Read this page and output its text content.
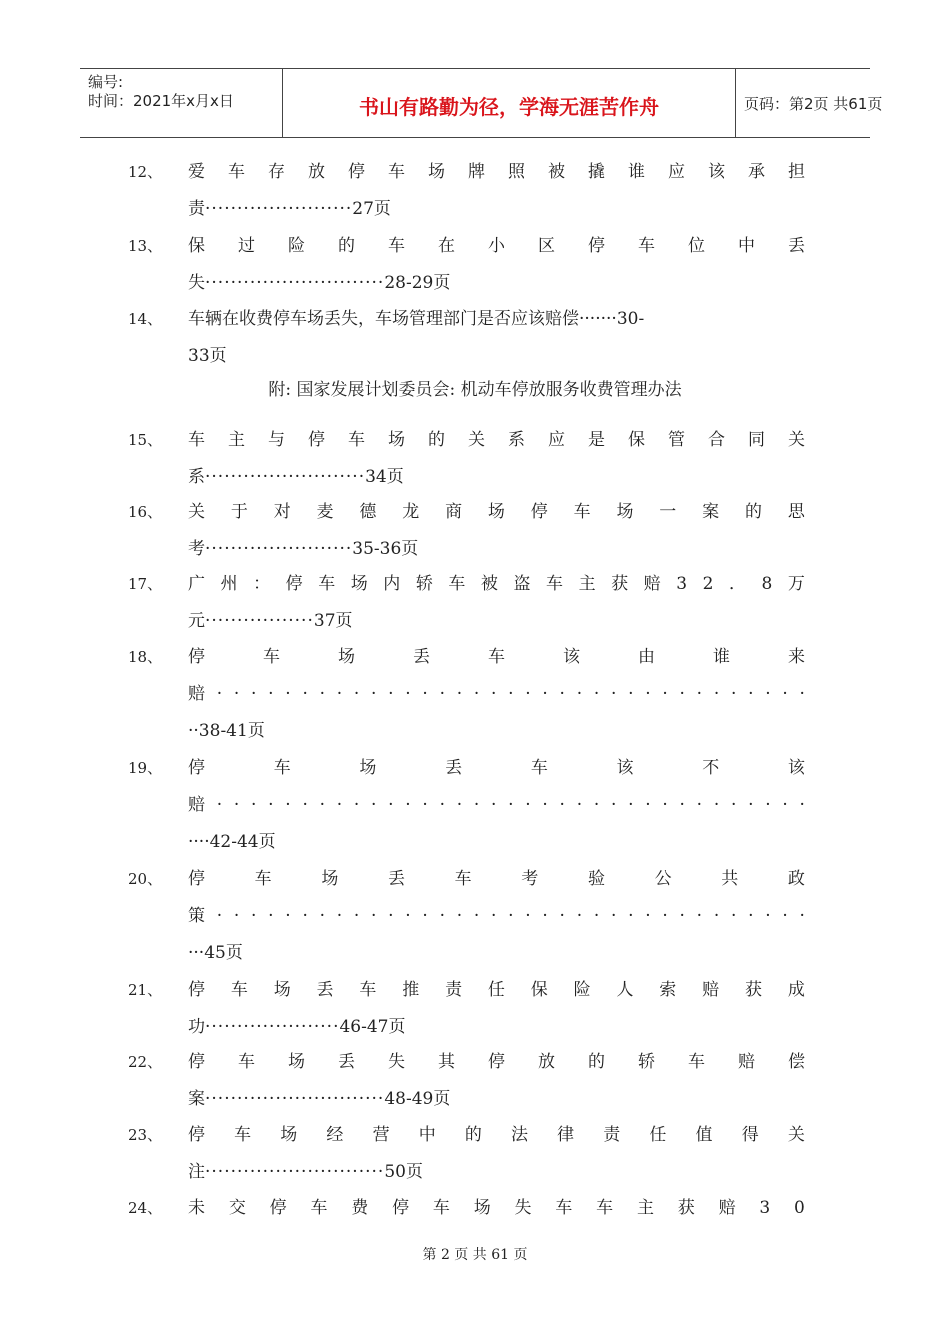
编号:
时间：2021年x月x日	书山有路勤为径，学海无涯苦作舟	页码：第2页 共61页
12、	爱 车 存 放 停 车 场 牌 照 被 撬 谁 应 该 承 担
责·······················27页
13、	保 过 险 的 车 在 小 区 停 车 位 中 丢
失····························28-29页
14、	车辆在收费停车场丢失，车场管理部门是否应该赔偿·······30-
33页
15、	车 主 与 停 车 场 的 关 系 应 是 保 管 合 同 关
系·························34页
16、	关 于 对 麦 德 龙 商 场 停 车 场 一 案 的 思
考·······················35-36页
17、	广 州 ： 停 车 场 内 轿 车 被 盗 车 主 获 赔 3 2 ． 8 万
元·················37页
18、	停	车	场	丢	车	该	由	谁	来
赔 · · · · · · · · · · · · · · · · · · · · · · · · · · · · · · · · · · ·
··38-41页
19、	停	车	场	丢	车	该	不	该
赔 · · · · · · · · · · · · · · · · · · · · · · · · · · · · · · · · · · ·
····42-44页
20、	停	车	场	丢	车	考	验	公	共	政
策 · · · · · · · · · · · · · · · · · · · · · · · · · · · · · · · · · · ·
···45页
21、	停 车 场 丢 车 推 责 任 保 险 人 索 赔 获 成
功·····················46-47页
22、	停 车 场 丢 失 其 停 放 的 轿 车 赔 偿
案····························48-49页
23、	停 车 场 经 营 中 的 法 律 责 任 值 得 关
注····························50页
24、	未 交 停 车 费 停 车 场 失 车 车 主 获 赔 3 0
附: 国家发展计划委员会: 机动车停放服务收费管理办法
第 2 页 共 61 页
